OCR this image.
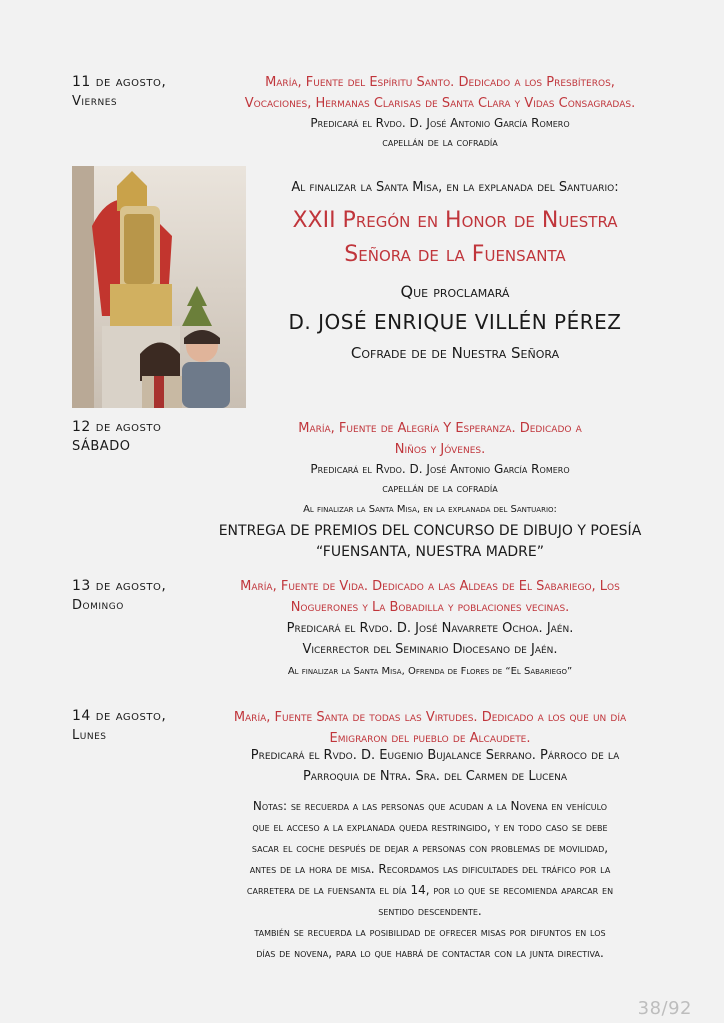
11 de agosto,
Viernes
María, Fuente del Espíritu Santo. Dedicado a los Presbíteros,
Vocaciones, Hermanas Clarisas de Santa Clara y Vidas Consagradas.
Predicará el Rvdo. D. José Antonio García Romero
capellán de la cofradía
Al finalizar la Santa Misa, en la explanada del Santuario:
XXII Pregón en Honor de Nuestra
Señora de la Fuensanta
Que proclamará
D. JOSÉ ENRIQUE VILLÉN PÉREZ
Cofrade de de Nuestra Señora
12 de agosto
SÁBADO
María, Fuente de Alegría Y Esperanza. Dedicado a
Niños y Jóvenes.
Predicará el Rvdo. D. José Antonio García Romero
capellán de la cofradía
Al finalizar la Santa Misa, en la explanada del Santuario:
ENTREGA DE PREMIOS DEL CONCURSO DE DIBUJO Y POESÍA
“FUENSANTA, NUESTRA MADRE”
13 de agosto,
Domingo
María, Fuente de Vida. Dedicado a las Aldeas de El Sabariego, Los
Noguerones y La Bobadilla y poblaciones vecinas.
Predicará el Rvdo. D. José Navarrete Ochoa. Jaén.
Vicerrector del Seminario Diocesano de Jaén.
Al finalizar la Santa Misa, Ofrenda de Flores de “El Sabariego”
14 de agosto,
Lunes
María, Fuente Santa de todas las Virtudes. Dedicado a los que un día
Emigraron del pueblo de Alcaudete.
Predicará el Rvdo. D. Eugenio Bujalance Serrano. Párroco de la
Parroquia de Ntra. Sra. del Carmen de Lucena
Notas: se recuerda a las personas que acudan a la Novena en vehículo
que el acceso a la explanada queda restringido, y en todo caso se debe
sacar el coche después de dejar a personas con problemas de movilidad,
antes de la hora de misa. Recordamos las dificultades del tráfico por la
carretera de la fuensanta el día 14, por lo que se recomienda aparcar en
sentido descendente.
también se recuerda la posibilidad de ofrecer misas por difuntos en los
días de novena, para lo que habrá de contactar con la junta directiva.
38/92
